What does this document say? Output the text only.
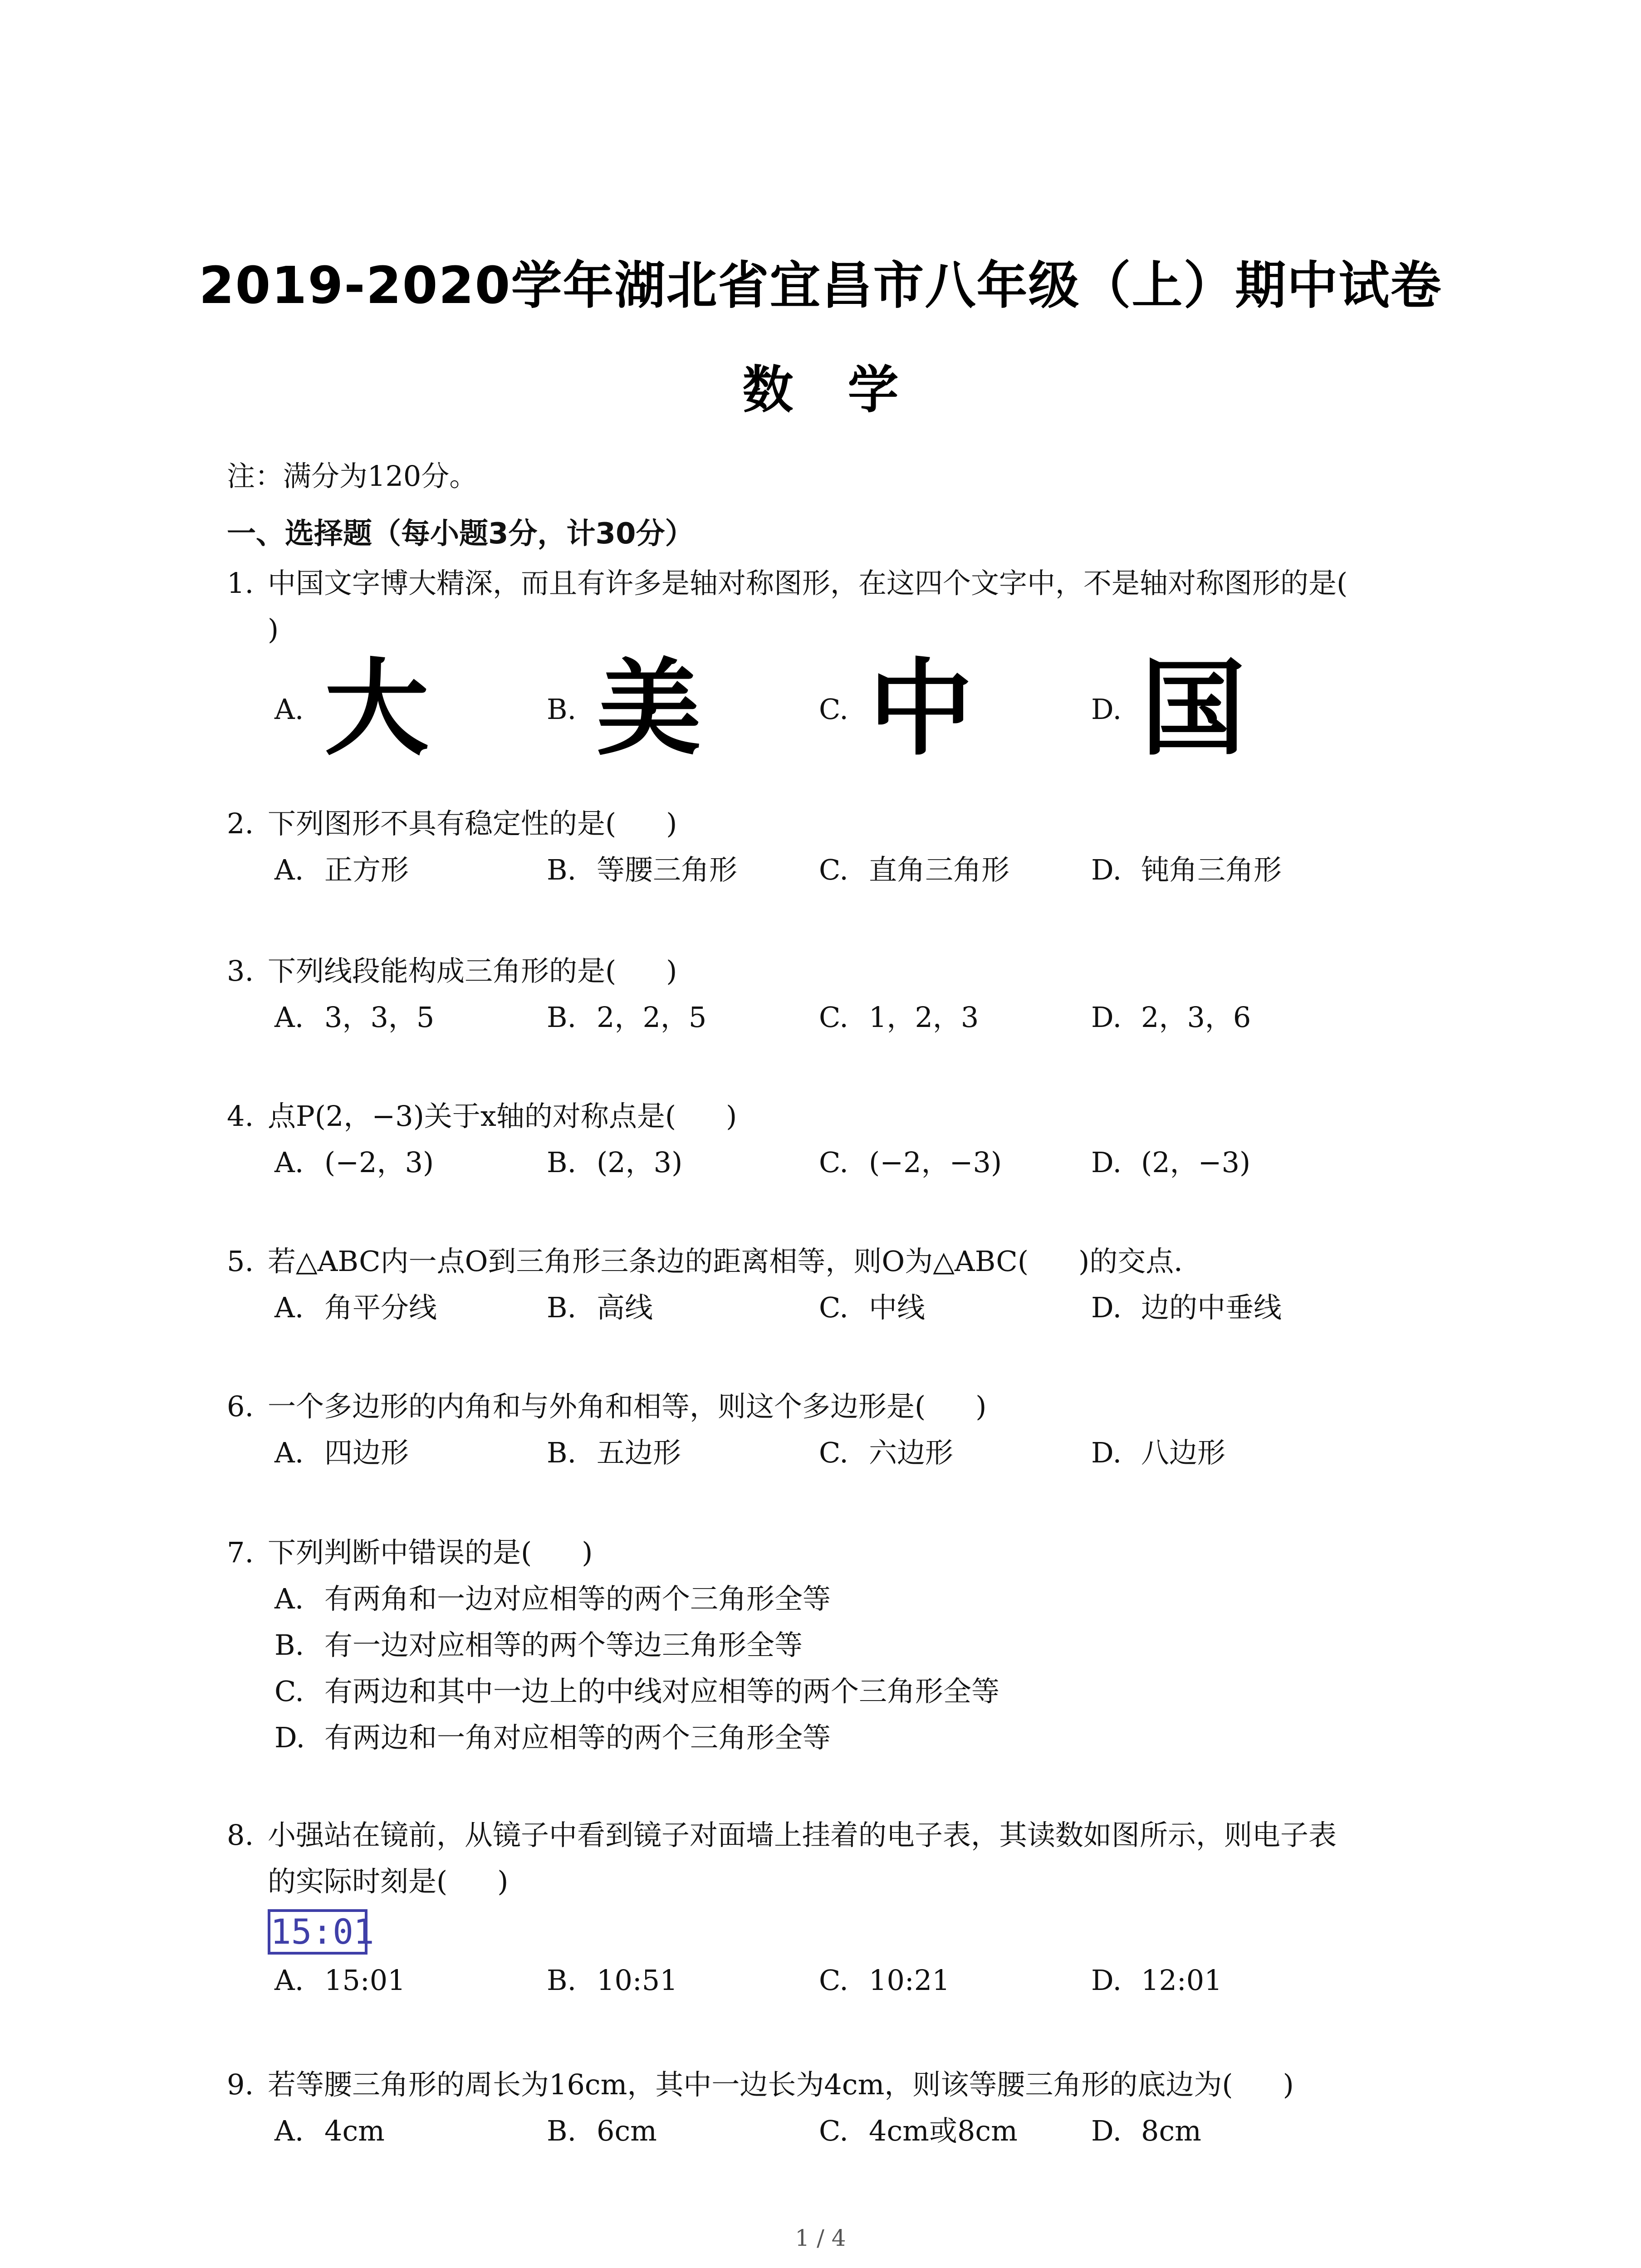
2019-2020学年湖北省宜昌市八年级（上）期中试卷
数学
注：满分为120分。
一、选择题（每小题3分，计30分）
1. 中国文字博大精深，而且有许多是轴对称图形，在这四个文字中，不是轴对称图形的是(
)
A. 大	B. 美	C. 中	D. 国
2. 下列图形不具有稳定性的是( )
A. 正方形	B. 等腰三角形	C. 直角三角形	D. 钝角三角形
3. 下列线段能构成三角形的是( )
A. 3，3，5	B. 2，2，5	C. 1，2，3	D. 2，3，6
4. 点P(2，−3)关于x轴的对称点是( )
A. (−2，3)	B. (2，3)	C. (−2，−3)	D. (2，−3)
5. 若△ABC内一点O到三角形三条边的距离相等，则O为△ABC( )的交点．
A. 角平分线	B. 高线	C. 中线	D. 边的中垂线
6. 一个多边形的内角和与外角和相等，则这个多边形是( )
A. 四边形	B. 五边形	C. 六边形	D. 八边形
7. 下列判断中错误的是( )
A. 有两角和一边对应相等的两个三角形全等
B. 有一边对应相等的两个等边三角形全等
C. 有两边和其中一边上的中线对应相等的两个三角形全等
D. 有两边和一角对应相等的两个三角形全等
8. 小强站在镜前，从镜子中看到镜子对面墙上挂着的电子表，其读数如图所示，则电子表
的实际时刻是( )
15:01
A. 15:01	B. 10:51	C. 10:21	D. 12:01
9. 若等腰三角形的周长为16cm，其中一边长为4cm，则该等腰三角形的底边为( )
A. 4cm	B. 6cm	C. 4cm或8cm	D. 8cm
1 / 4
